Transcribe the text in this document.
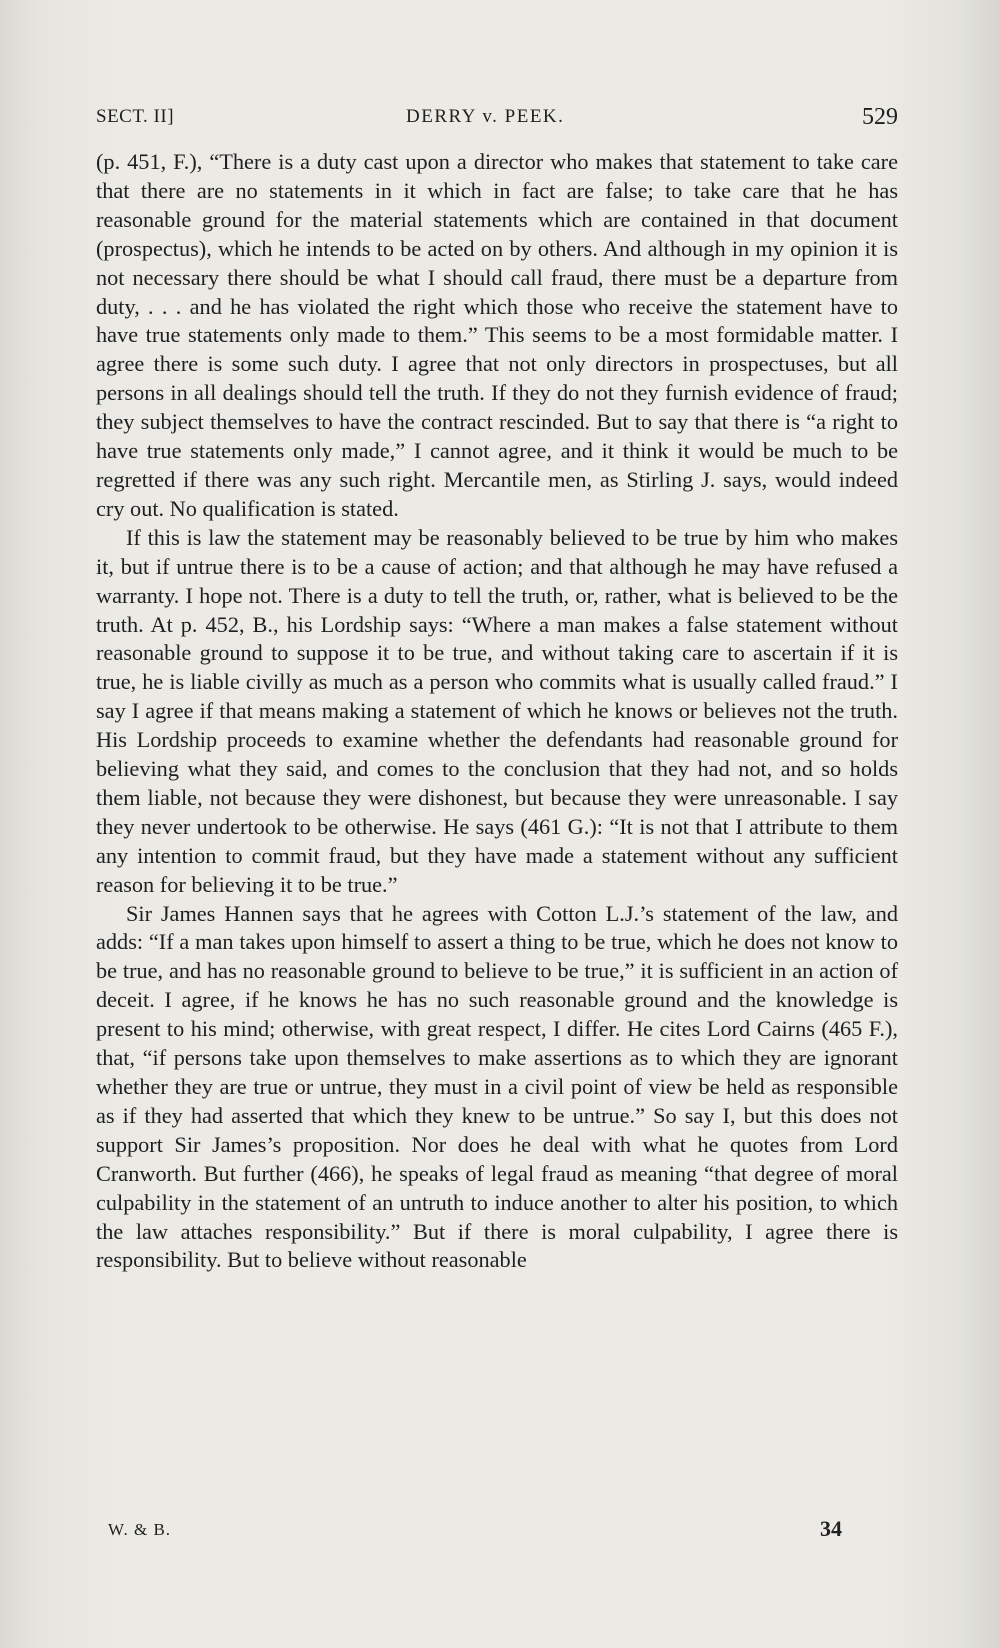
SECT. II]	DERRY v. PEEK.	529

(p. 451, F.), “There is a duty cast upon a director who makes that statement to take care that there are no statements in it which in fact are false; to take care that he has reasonable ground for the material statements which are contained in that document (prospectus), which he intends to be acted on by others. And although in my opinion it is not necessary there should be what I should call fraud, there must be a departure from duty, . . . and he has violated the right which those who receive the statement have to have true statements only made to them.” This seems to be a most formidable matter. I agree there is some such duty. I agree that not only directors in prospectuses, but all persons in all dealings should tell the truth. If they do not they furnish evidence of fraud; they subject themselves to have the contract rescinded. But to say that there is “a right to have true statements only made,” I cannot agree, and it think it would be much to be regretted if there was any such right. Mercantile men, as Stirling J. says, would indeed cry out. No qualification is stated.

If this is law the statement may be reasonably believed to be true by him who makes it, but if untrue there is to be a cause of action; and that although he may have refused a warranty. I hope not. There is a duty to tell the truth, or, rather, what is believed to be the truth. At p. 452, B., his Lordship says: “Where a man makes a false statement without reasonable ground to suppose it to be true, and without taking care to ascertain if it is true, he is liable civilly as much as a person who commits what is usually called fraud.” I say I agree if that means making a statement of which he knows or believes not the truth. His Lordship proceeds to examine whether the defendants had reasonable ground for believing what they said, and comes to the conclusion that they had not, and so holds them liable, not because they were dishonest, but because they were unreasonable. I say they never undertook to be otherwise. He says (461 G.): “It is not that I attribute to them any intention to commit fraud, but they have made a statement without any sufficient reason for believing it to be true.”

Sir James Hannen says that he agrees with Cotton L.J.’s statement of the law, and adds: “If a man takes upon himself to assert a thing to be true, which he does not know to be true, and has no reasonable ground to believe to be true,” it is sufficient in an action of deceit. I agree, if he knows he has no such reasonable ground and the knowledge is present to his mind; otherwise, with great respect, I differ. He cites Lord Cairns (465 F.), that, “if persons take upon themselves to make assertions as to which they are ignorant whether they are true or untrue, they must in a civil point of view be held as responsible as if they had asserted that which they knew to be untrue.” So say I, but this does not support Sir James’s proposition. Nor does he deal with what he quotes from Lord Cranworth. But further (466), he speaks of legal fraud as meaning “that degree of moral culpability in the statement of an untruth to induce another to alter his position, to which the law attaches responsibility.” But if there is moral culpability, I agree there is responsibility. But to believe without reasonable

W. & B.	34
